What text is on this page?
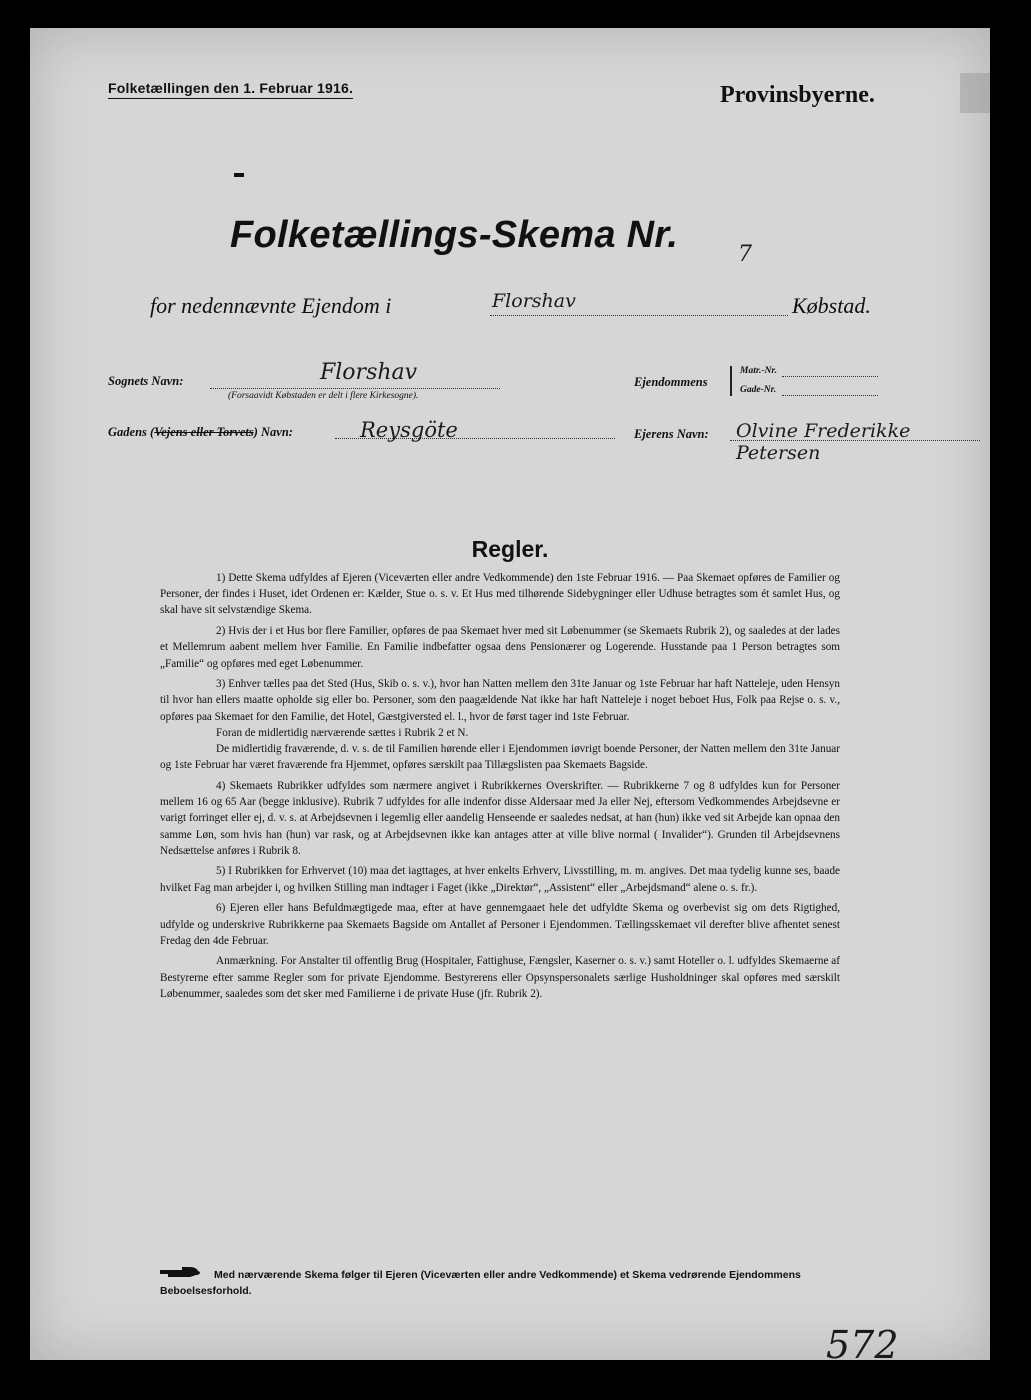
Folketællingen den 1. Februar 1916.	Provinsbyerne.
Folketællings-Skema Nr.	7
for nedennævnte Ejendom i	Florshav	Købstad.
Sognets Navn:	Florshav
(Forsaavidt Købstaden er delt i flere Kirkesogne).
Gadens (Vejens eller Torvets) Navn:	Reysgöte
Ejendommens
Matr.-Nr.
Gade-Nr.
Ejerens Navn: Olvine Frederikke Petersen
Regler.

1) Dette Skema udfyldes af Ejeren (Viceværten eller andre Vedkommende) den 1ste Februar 1916. — Paa Skemaet opføres de Familier og Personer, der findes i Huset, idet Ordenen er: Kælder, Stue o. s. v. Et Hus med tilhørende Sidebygninger eller Udhuse betragtes som ét samlet Hus, og skal have sit selvstændige Skema.

2) Hvis der i et Hus bor flere Familier, opføres de paa Skemaet hver med sit Løbenummer (se Skemaets Rubrik 2), og saaledes at der lades et Mellemrum aabent mellem hver Familie. En Familie indbefatter ogsaa dens Pensionærer og Logerende. Husstande paa 1 Person betragtes som „Familie“ og opføres med eget Løbenummer.

3) Enhver tælles paa det Sted (Hus, Skib o. s. v.), hvor han Natten mellem den 31te Januar og 1ste Februar har haft Natteleje, uden Hensyn til hvor han ellers maatte opholde sig eller bo. Personer, som den paagældende Nat ikke har haft Natteleje i noget beboet Hus, Folk paa Rejse o. s. v., opføres paa Skemaet for den Familie, det Hotel, Gæstgiversted el. l., hvor de først tager ind 1ste Februar.

Foran de midlertidig nærværende sættes i Rubrik 2 et N.

De midlertidig fraværende, d. v. s. de til Familien hørende eller i Ejendommen iøvrigt boende Personer, der Natten mellem den 31te Januar og 1ste Februar har været fraværende fra Hjemmet, opføres særskilt paa Tillægslisten paa Skemaets Bagside.

4) Skemaets Rubrikker udfyldes som nærmere angivet i Rubrikkernes Overskrifter. — Rubrikkerne 7 og 8 udfyldes kun for Personer mellem 16 og 65 Aar (begge inklusive). Rubrik 7 udfyldes for alle indenfor disse Aldersaar med Ja eller Nej, eftersom Vedkommendes Arbejdsevne er varigt forringet eller ej, d. v. s. at Arbejdsevnen i legemlig eller aandelig Henseende er saaledes nedsat, at han (hun) ikke ved sit Arbejde kan opnaa den samme Løn, som hvis han (hun) var rask, og at Arbejdsevnen ikke kan antages atter at ville blive normal ( Invalider“). Grunden til Arbejdsevnens Nedsættelse anføres i Rubrik 8.

5) I Rubrikken for Erhvervet (10) maa det iagttages, at hver enkelts Erhverv, Livsstilling, m. m. angives. Det maa tydelig kunne ses, baade hvilket Fag man arbejder i, og hvilken Stilling man indtager i Faget (ikke „Direktør“, „Assistent“ eller „Arbejdsmand“ alene o. s. fr.).

6) Ejeren eller hans Befuldmægtigede maa, efter at have gennemgaaet hele det udfyldte Skema og overbevist sig om dets Rigtighed, udfylde og underskrive Rubrikkerne paa Skemaets Bagside om Antallet af Personer i Ejendommen. Tællingsskemaet vil derefter blive afhentet senest Fredag den 4de Februar.

Anmærkning. For Anstalter til offentlig Brug (Hospitaler, Fattighuse, Fængsler, Kaserner o. s. v.) samt Hoteller o. l. udfyldes Skemaerne af Bestyrerne efter samme Regler som for private Ejendomme. Bestyrerens eller Opsynspersonalets særlige Husholdninger skal opføres med særskilt Løbenummer, saaledes som det sker med Familierne i de private Huse (jfr. Rubrik 2).

Med nærværende Skema følger til Ejeren (Viceværten eller andre Vedkommende) et Skema vedrørende Ejendommens Beboelsesforhold.
572
